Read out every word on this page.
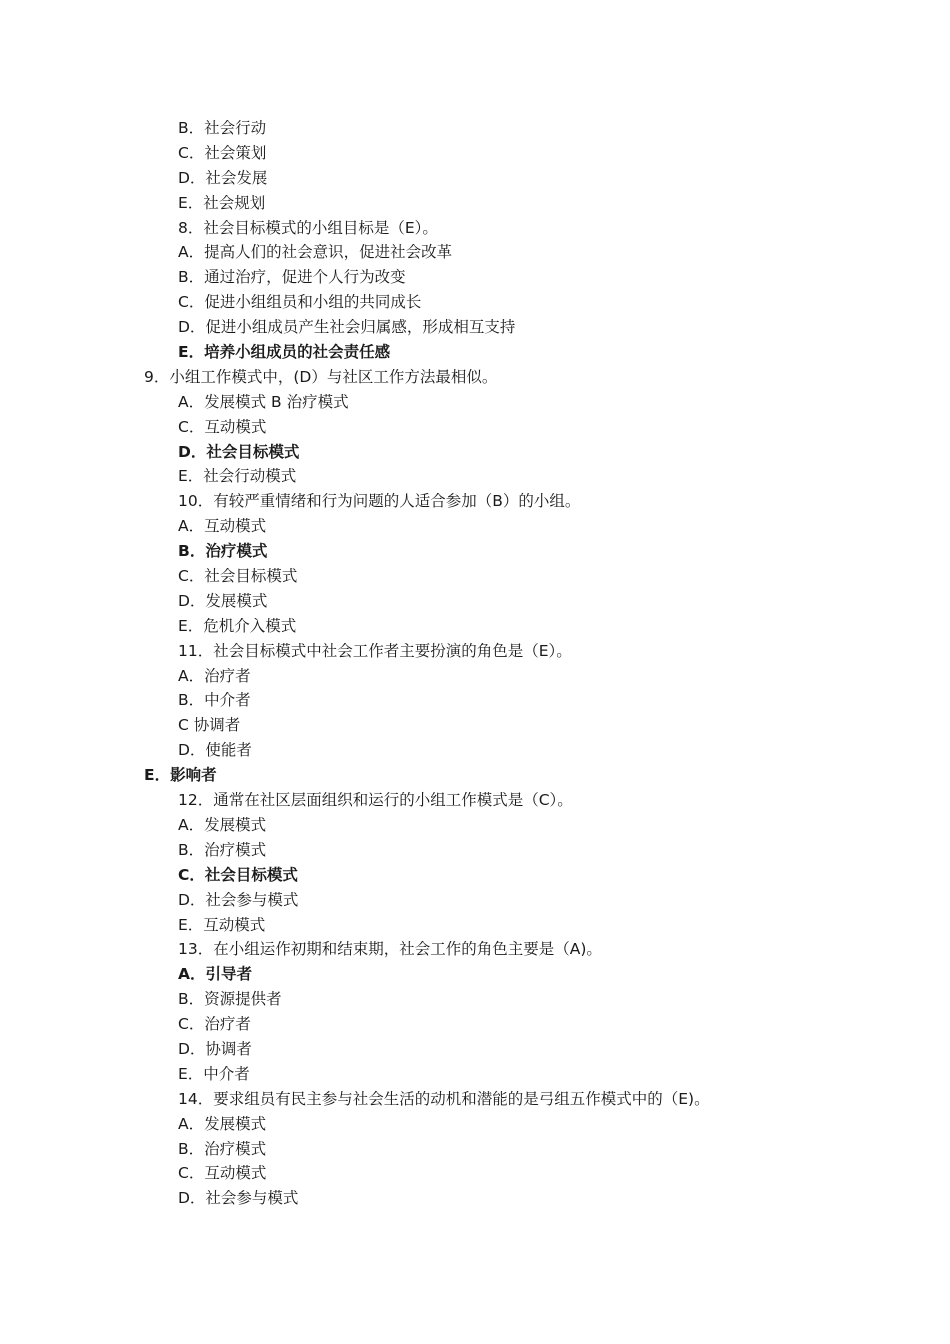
B．社会行动
C．社会策划
D．社会发展
E．社会规划
8．社会目标模式的小组目标是（E）。
A．提高人们的社会意识，促进社会改革
B．通过治疗，促进个人行为改变
C．促进小组组员和小组的共同成长
D．促进小组成员产生社会归属感，形成相互支持
E．培养小组成员的社会责任感
9．小组工作模式中，(D）与社区工作方法最相似。
A．发展模式 B 治疗模式
C．互动模式
D．社会目标模式
E．社会行动模式
10．有较严重情绪和行为问题的人适合参加（B）的小组。
A．互动模式
B．治疗模式
C．社会目标模式
D．发展模式
E．危机介入模式
11．社会目标模式中社会工作者主要扮演的角色是（E）。
A．治疗者
B．中介者
C 协调者
D．使能者
E．影响者
12．通常在社区层面组织和运行的小组工作模式是（C）。
A．发展模式
B．治疗模式
C．社会目标模式
D．社会参与模式
E．互动模式
13．在小组运作初期和结束期，社会工作的角色主要是（A)。
A．引导者
B．资源提供者
C．治疗者
D．协调者
E．中介者
14．要求组员有民主参与社会生活的动机和潜能的是弓组五作模式中的（E)。
A．发展模式
B．治疗模式
C．互动模式
D．社会参与模式
